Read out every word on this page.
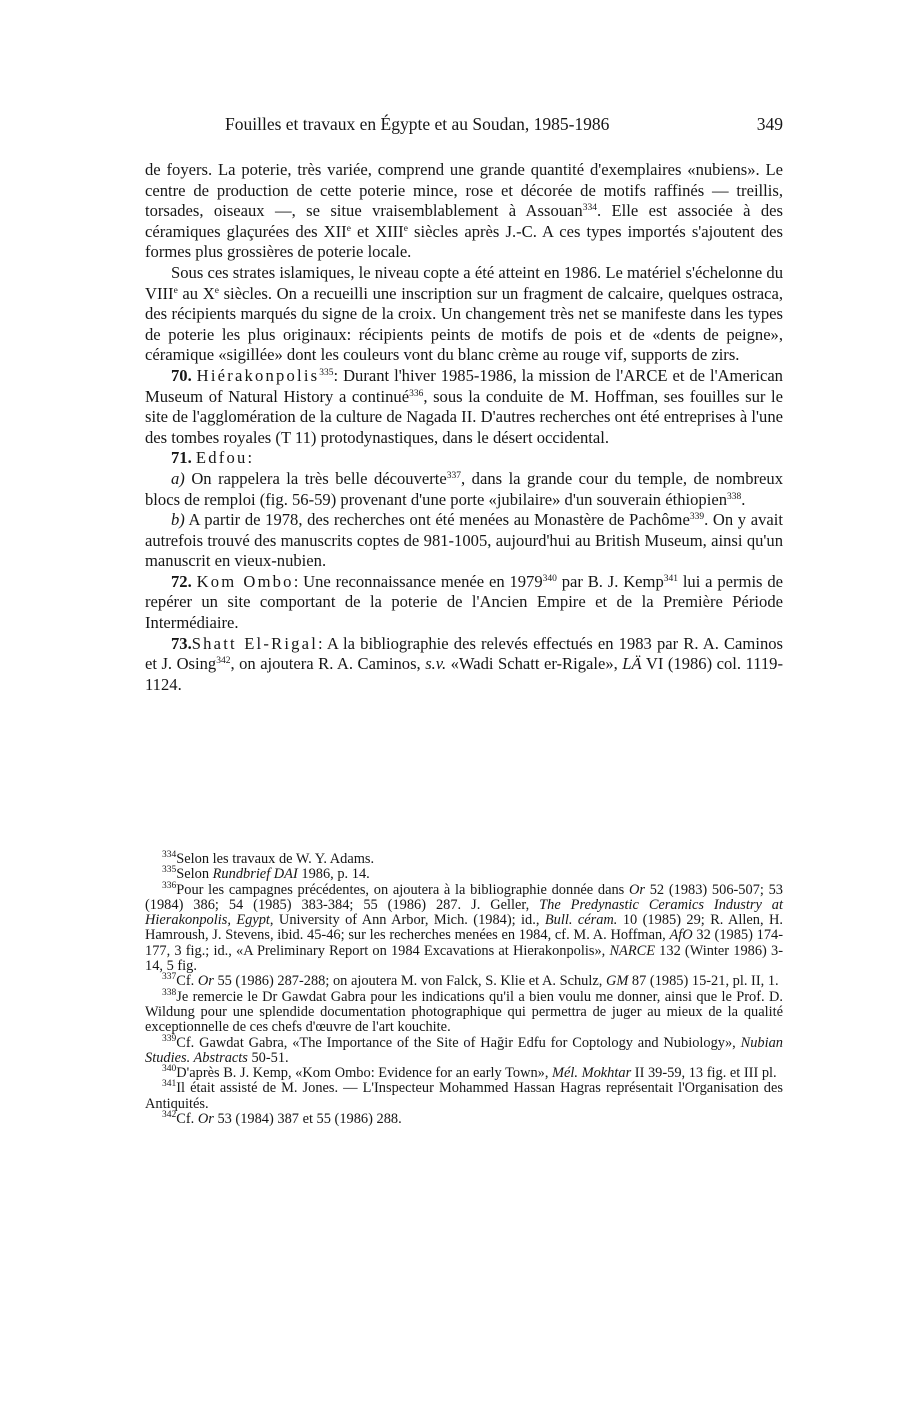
Fouilles et travaux en Égypte et au Soudan, 1985-1986	349

de foyers. La poterie, très variée, comprend une grande quantité d'exemplaires «nubiens». Le centre de production de cette poterie mince, rose et décorée de motifs raffinés — treillis, torsades, oiseaux —, se situe vraisemblablement à Assouan$^{334}$. Elle est associée à des céramiques glaçurées des XIIe et XIIIe siècles après J.-C. A ces types importés s'ajoutent des formes plus grossières de poterie locale.

Sous ces strates islamiques, le niveau copte a été atteint en 1986. Le matériel s'échelonne du VIIIe au Xe siècles. On a recueilli une inscription sur un fragment de calcaire, quelques ostraca, des récipients marqués du signe de la croix. Un changement très net se manifeste dans les types de poterie les plus originaux: récipients peints de motifs de pois et de «dents de peigne», céramique «sigillée» dont les couleurs vont du blanc crème au rouge vif, supports de zirs.

70. Hiérakonpolis$^{335}$: Durant l'hiver 1985-1986, la mission de l'ARCE et de l'American Museum of Natural History a continué$^{336}$, sous la conduite de M. Hoffman, ses fouilles sur le site de l'agglomération de la culture de Nagada II. D'autres recherches ont été entreprises à l'une des tombes royales (T 11) protodynastiques, dans le désert occidental.

71. Edfou:

a) On rappelera la très belle découverte$^{337}$, dans la grande cour du temple, de nombreux blocs de remploi (fig. 56-59) provenant d'une porte «jubilaire» d'un souverain éthiopien$^{338}$.

b) A partir de 1978, des recherches ont été menées au Monastère de Pachôme$^{339}$. On y avait autrefois trouvé des manuscrits coptes de 981-1005, aujourd'hui au British Museum, ainsi qu'un manuscrit en vieux-nubien.

72. Kom Ombo: Une reconnaissance menée en 1979$^{340}$ par B. J. Kemp$^{341}$ lui a permis de repérer un site comportant de la poterie de l'Ancien Empire et de la Première Période Intermédiaire.

73.Shatt El-Rigal: A la bibliographie des relevés effectués en 1983 par R. A. Caminos et J. Osing$^{342}$, on ajoutera R. A. Caminos, s.v. «Wadi Schatt er-Rigale», LÄ VI (1986) col. 1119-1124.

$^{334}$Selon les travaux de W. Y. Adams.

$^{335}$Selon Rundbrief DAI 1986, p. 14.

$^{336}$Pour les campagnes précédentes, on ajoutera à la bibliographie donnée dans Or 52 (1983) 506-507; 53 (1984) 386; 54 (1985) 383-384; 55 (1986) 287. J. Geller, The Predynastic Ceramics Industry at Hierakonpolis, Egypt, University of Ann Arbor, Mich. (1984); id., Bull. céram. 10 (1985) 29; R. Allen, H. Hamroush, J. Stevens, ibid. 45-46; sur les recherches menées en 1984, cf. M. A. Hoffman, AfO 32 (1985) 174-177, 3 fig.; id., «A Preliminary Report on 1984 Excavations at Hierakonpolis», NARCE 132 (Winter 1986) 3-14, 5 fig.

$^{337}$Cf. Or 55 (1986) 287-288; on ajoutera M. von Falck, S. Klie et A. Schulz, GM 87 (1985) 15-21, pl. II, 1.

$^{338}$Je remercie le Dr Gawdat Gabra pour les indications qu'il a bien voulu me donner, ainsi que le Prof. D. Wildung pour une splendide documentation photographique qui permettra de juger au mieux de la qualité exceptionnelle de ces chefs d'œuvre de l'art kouchite.

$^{339}$Cf. Gawdat Gabra, «The Importance of the Site of Hağir Edfu for Coptology and Nubiology», Nubian Studies. Abstracts 50-51.

$^{340}$D'après B. J. Kemp, «Kom Ombo: Evidence for an early Town», Mél. Mokhtar II 39-59, 13 fig. et III pl.

$^{341}$Il était assisté de M. Jones. — L'Inspecteur Mohammed Hassan Hagras représentait l'Organisation des Antiquités.

$^{342}$Cf. Or 53 (1984) 387 et 55 (1986) 288.
